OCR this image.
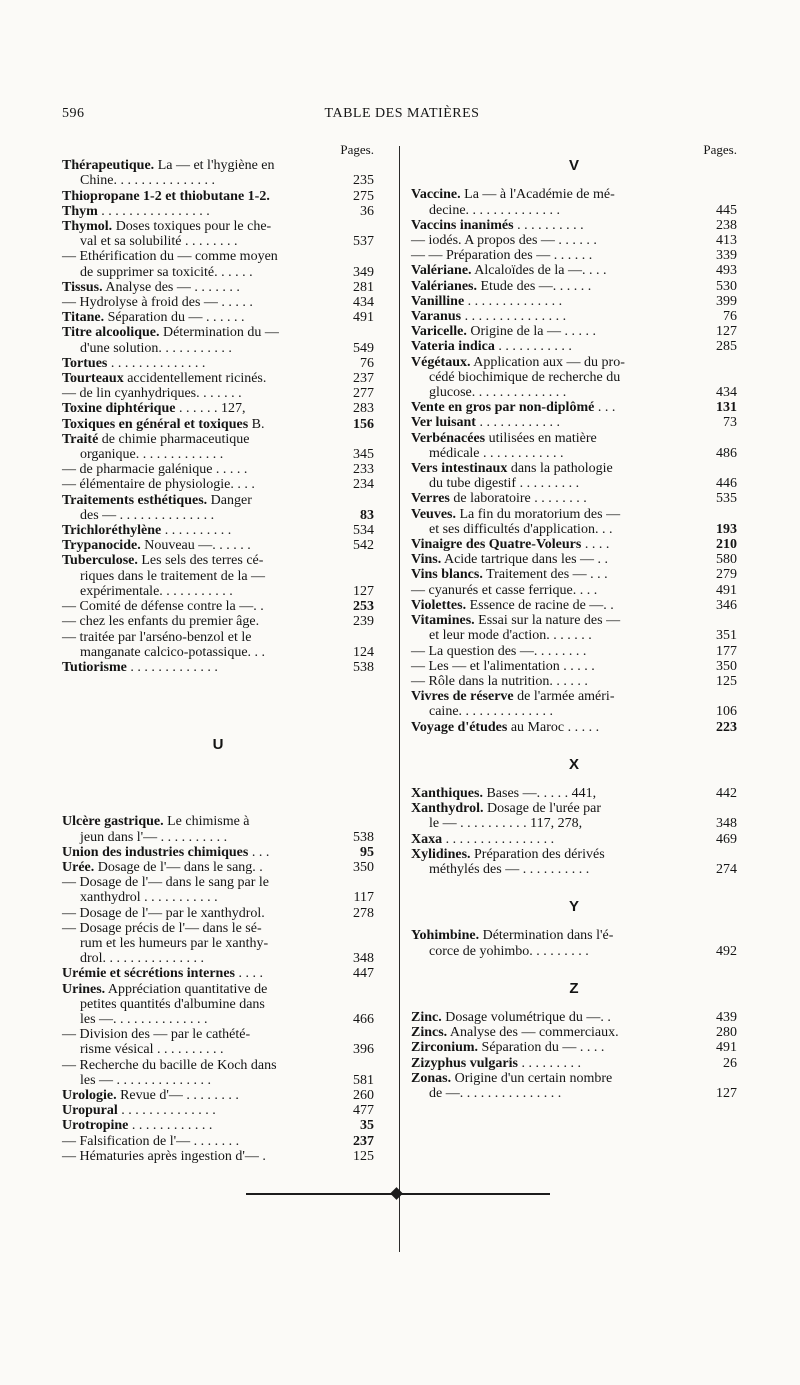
596	TABLE DES MATIÈRES
Pages.
Thérapeutique. La — et l'hygiène en
Chine. . . . . . . . . . . . . . .	235
Thiopropane 1-2 et thiobutane 1-2.	275
Thym . . . . . . . . . . . . . . . .	36
Thymol. Doses toxiques pour le che-
val et sa solubilité . . . . . . . .	537
— Ethérification du — comme moyen
de supprimer sa toxicité. . . . . .	349
Tissus. Analyse des — . . . . . . .	281
— Hydrolyse à froid des — . . . . .	434
Titane. Séparation du — . . . . . .	491
Titre alcoolique. Détermination du —
d'une solution. . . . . . . . . . .	549
Tortues . . . . . . . . . . . . . .	76
Tourteaux accidentellement ricinés.	237
— de lin cyanhydriques. . . . . . .	277
Toxine diphtérique . . . . . . 127,	283
Toxiques en général et toxiques B.	156
Traité de chimie pharmaceutique
organique. . . . . . . . . . . . .	345
— de pharmacie galénique . . . . .	233
— élémentaire de physiologie. . . .	234
Traitements esthétiques. Danger
des — . . . . . . . . . . . . . .	83
Trichloréthylène . . . . . . . . . .	534
Trypanocide. Nouveau —. . . . . .	542
Tuberculose. Les sels des terres cé-
riques dans le traitement de la —
expérimentale. . . . . . . . . . .	127
— Comité de défense contre la —. .	253
— chez les enfants du premier âge.	239
— traitée par l'arséno-benzol et le
manganate calcico-potassique. . .	124
Tutiorisme . . . . . . . . . . . . .	538
U
Ulcère gastrique. Le chimisme à
jeun dans l'— . . . . . . . . . .	538
Union des industries chimiques . . .	95
Urée. Dosage de l'— dans le sang. .	350
— Dosage de l'— dans le sang par le
xanthydrol . . . . . . . . . . .	117
— Dosage de l'— par le xanthydrol.	278
— Dosage précis de l'— dans le sé-
rum et les humeurs par le xanthy-
drol. . . . . . . . . . . . . . .	348
Urémie et sécrétions internes . . . .	447
Urines. Appréciation quantitative de
petites quantités d'albumine dans
les —. . . . . . . . . . . . . .	466
— Division des — par le cathété-
risme vésical . . . . . . . . . .	396
— Recherche du bacille de Koch dans
les — . . . . . . . . . . . . . .	581
Urologie. Revue d'— . . . . . . . .	260
Uropural . . . . . . . . . . . . . .	477
Urotropine . . . . . . . . . . . .	35
— Falsification de l'— . . . . . . .	237
— Hématuries après ingestion d'— .	125
Pages.
V
Vaccine. La — à l'Académie de mé-
decine. . . . . . . . . . . . . .	445
Vaccins inanimés . . . . . . . . . .	238
— iodés. A propos des — . . . . . .	413
— — Préparation des — . . . . . .	339
Valériane. Alcaloïdes de la —. . . .	493
Valérianes. Etude des —. . . . . .	530
Vanilline . . . . . . . . . . . . . .	399
Varanus . . . . . . . . . . . . . . .	76
Varicelle. Origine de la — . . . . .	127
Vateria indica . . . . . . . . . . .	285
Végétaux. Application aux — du pro-
cédé biochimique de recherche du
glucose. . . . . . . . . . . . . .	434
Vente en gros par non-diplômé . . .	131
Ver luisant . . . . . . . . . . . .	73
Verbénacées utilisées en matière
médicale . . . . . . . . . . . .	486
Vers intestinaux dans la pathologie
du tube digestif . . . . . . . . .	446
Verres de laboratoire . . . . . . . .	535
Veuves. La fin du moratorium des —
et ses difficultés d'application. . .	193
Vinaigre des Quatre-Voleurs . . . .	210
Vins. Acide tartrique dans les — . .	580
Vins blancs. Traitement des — . . .	279
— cyanurés et casse ferrique. . . .	491
Violettes. Essence de racine de —. .	346
Vitamines. Essai sur la nature des —
et leur mode d'action. . . . . . .	351
— La question des —. . . . . . . .	177
— Les — et l'alimentation . . . . .	350
— Rôle dans la nutrition. . . . . .	125
Vivres de réserve de l'armée améri-
caine. . . . . . . . . . . . . .	106
Voyage d'études au Maroc . . . . .	223
X
Xanthiques. Bases —. . . . . 441,	442
Xanthydrol. Dosage de l'urée par
le — . . . . . . . . . . 117, 278,	348
Xaxa . . . . . . . . . . . . . . . .	469
Xylidines. Préparation des dérivés
méthylés des — . . . . . . . . . .	274
Y
Yohimbine. Détermination dans l'é-
corce de yohimbo. . . . . . . . .	492
Z
Zinc. Dosage volumétrique du —. .	439
Zincs. Analyse des — commerciaux.	280
Zirconium. Séparation du — . . . .	491
Zizyphus vulgaris . . . . . . . . .	26
Zonas. Origine d'un certain nombre
de —. . . . . . . . . . . . . . .	127
